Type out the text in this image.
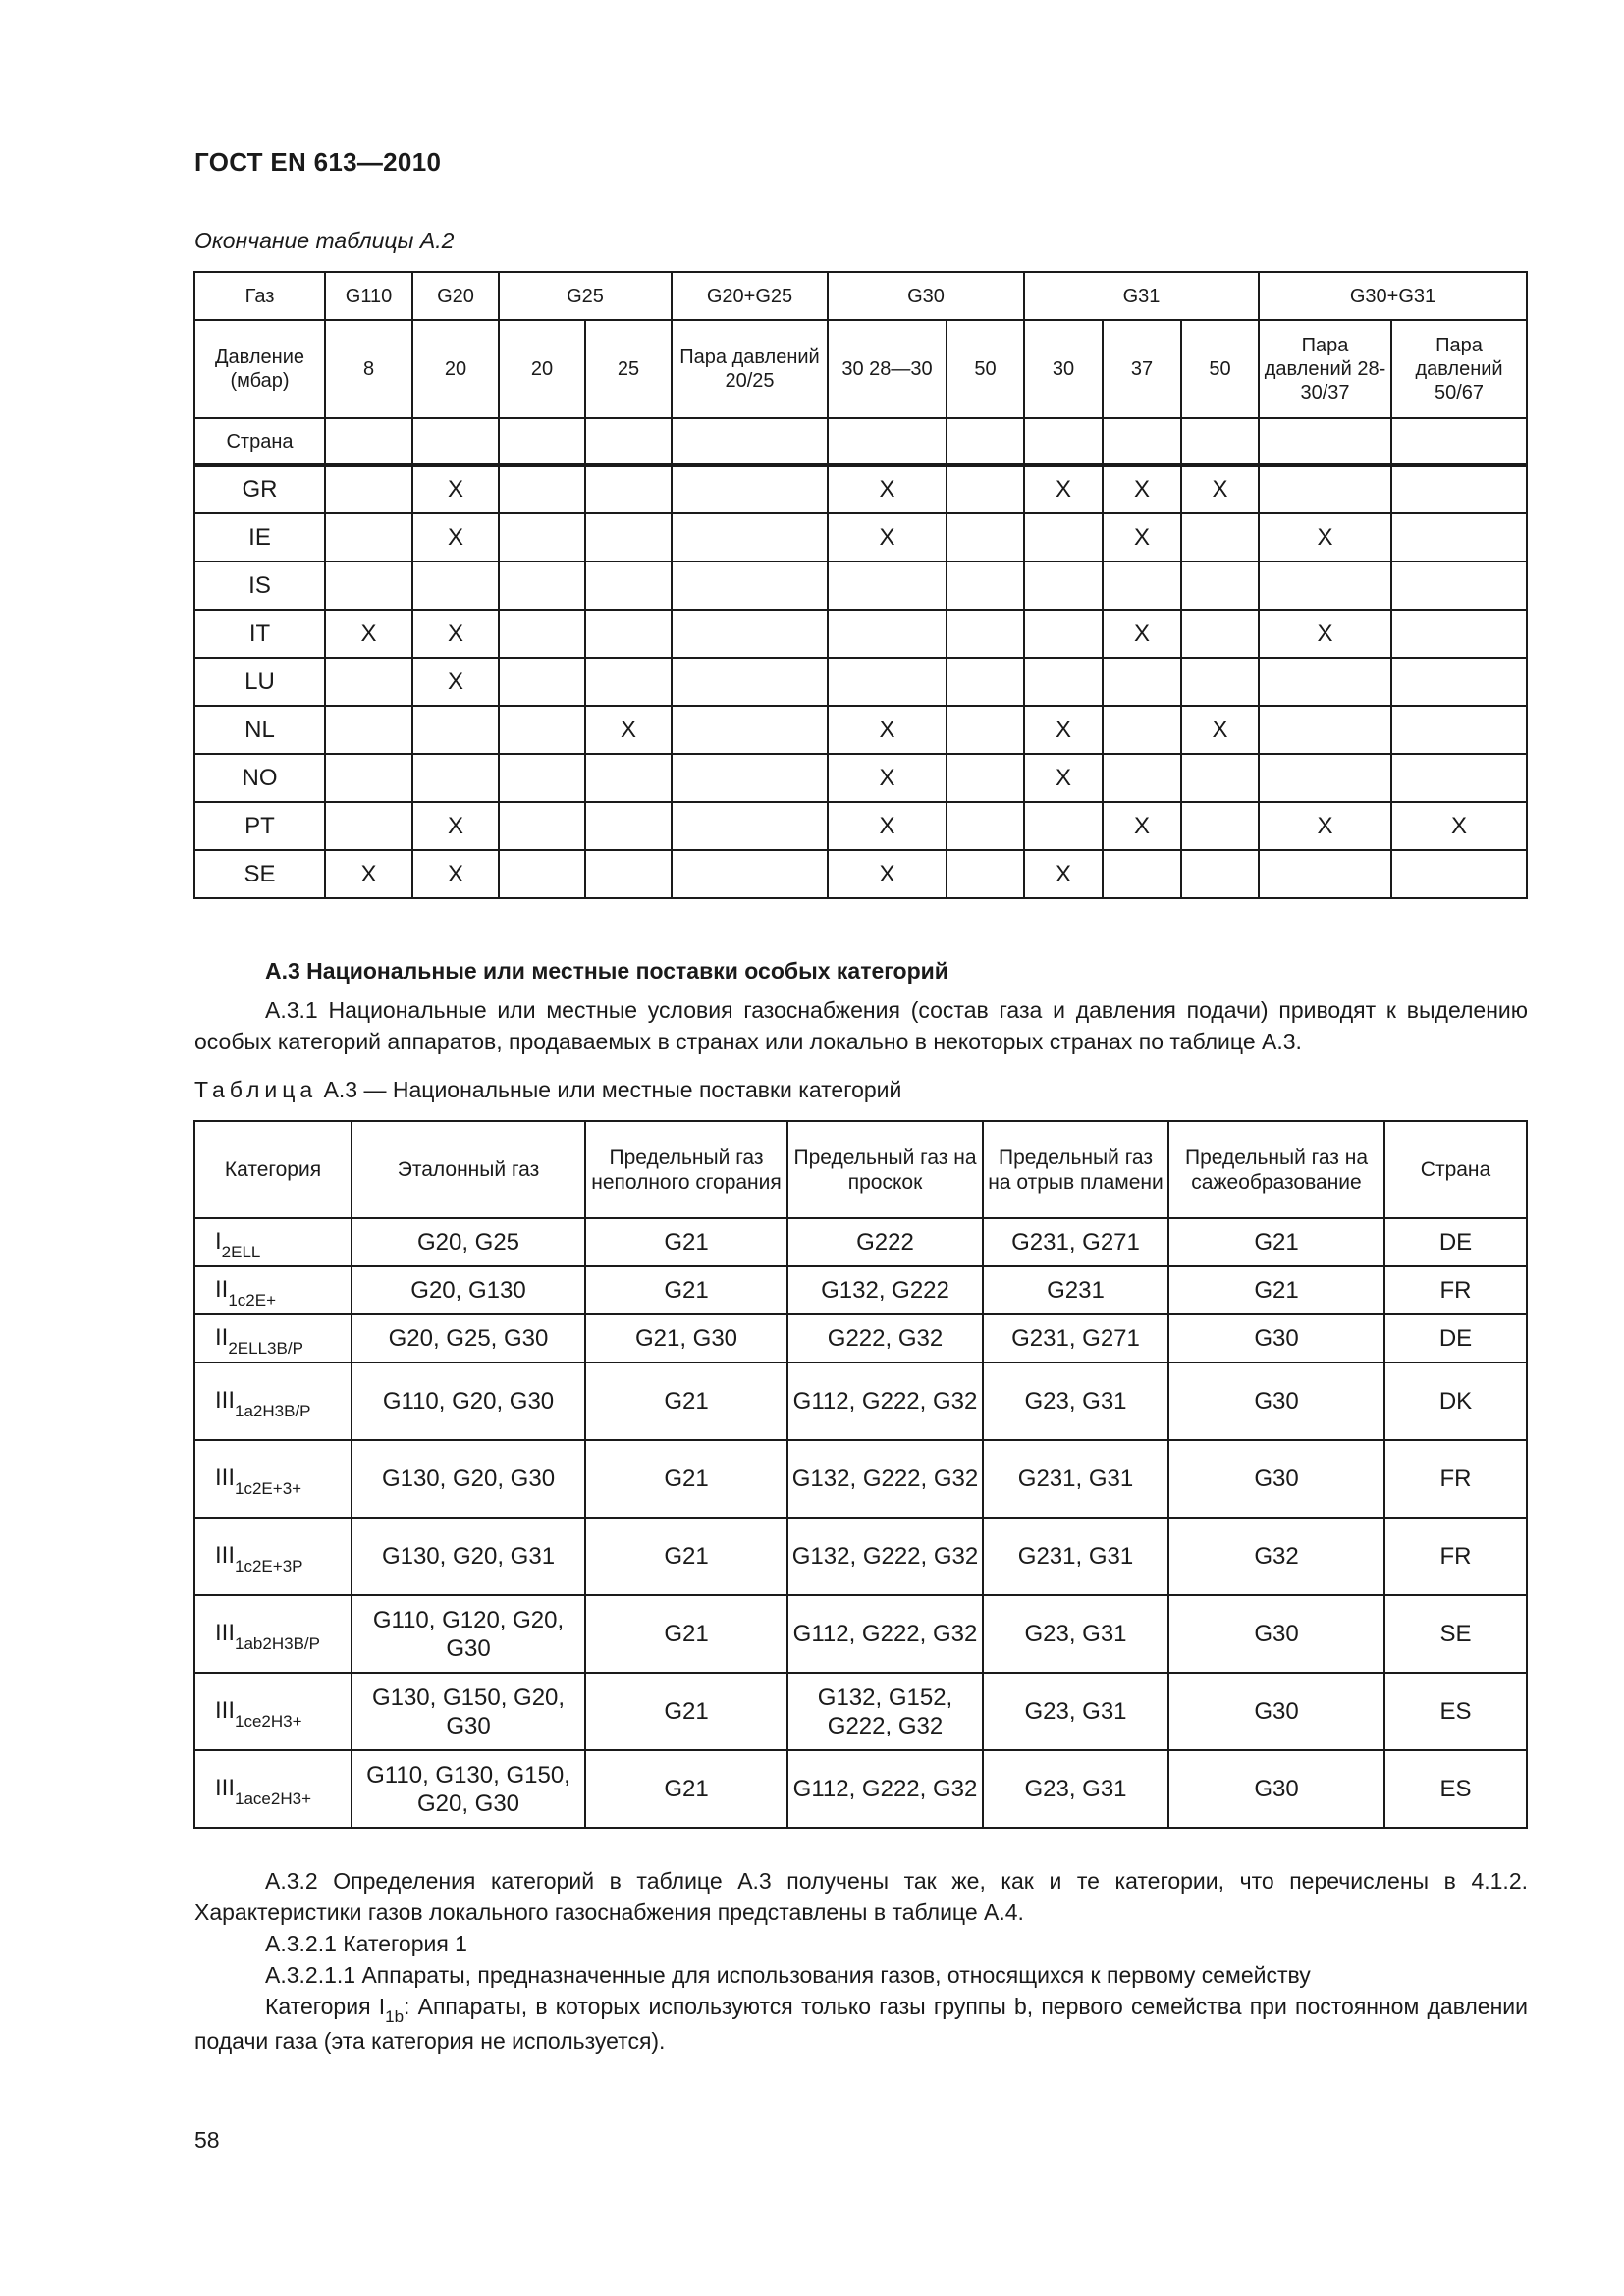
ГОСТ EN 613—2010
Окончание таблицы А.2
Газ	G110	G20	G25		G20+G25	G30		G31			G30+G31	
Давление (мбар)	8	20	20	25	Пара давлений 20/25	30 28—30	50	30	37	50	Пара давлений 28-30/37	Пара давлений 50/67
Страна												
GR		X				X		X	X	X		
IE		X				X			X		X	
IS												
IT	X	X							X		X	
LU		X										
NL				X		X		X		X		
NO						X		X				
PT		X				X			X		X	X
SE	X	X				X		X				
А.3 Национальные или местные поставки особых категорий
А.3.1 Национальные или местные условия газоснабжения (состав газа и давления подачи) приводят к выделению особых категорий аппаратов, продаваемых в странах или локально в некоторых странах по таблице А.3.
Таблица А.3 — Национальные или местные поставки категорий
Категория	Эталонный газ	Предельный газ неполного сгорания	Предельный газ на проскок	Предельный газ на отрыв пламени	Предельный газ на сажеобразование	Страна
$I_{2ELL}$	G20, G25	G21	G222	G231, G271	G21	DE
$II_{1c2E+}$	G20, G130	G21	G132, G222	G231	G21	FR
$II_{2ELL3B/P}$	G20, G25, G30	G21, G30	G222, G32	G231, G271	G30	DE
$III_{1a2H3B/P}$	G110, G20, G30	G21	G112, G222, G32	G23, G31	G30	DK
$III_{1c2E+3+}$	G130, G20, G30	G21	G132, G222, G32	G231, G31	G30	FR
$III_{1c2E+3P}$	G130, G20, G31	G21	G132, G222, G32	G231, G31	G32	FR
$III_{1ab2H3B/P}$	G110, G120, G20, G30	G21	G112, G222, G32	G23, G31	G30	SE
$III_{1ce2H3+}$	G130, G150, G20, G30	G21	G132, G152, G222, G32	G23, G31	G30	ES
$III_{1ace2H3+}$	G110, G130, G150, G20, G30	G21	G112, G222, G32	G23, G31	G30	ES
А.3.2 Определения категорий в таблице А.3 получены так же, как и те категории, что перечислены в 4.1.2. Характеристики газов локального газоснабжения представлены в таблице А.4.
А.3.2.1 Категория 1
А.3.2.1.1 Аппараты, предназначенные для использования газов, относящихся к первому семейству
Категория $I_{1b}$: Аппараты, в которых используются только газы группы b, первого семейства при постоянном давлении подачи газа (эта категория не используется).
58
